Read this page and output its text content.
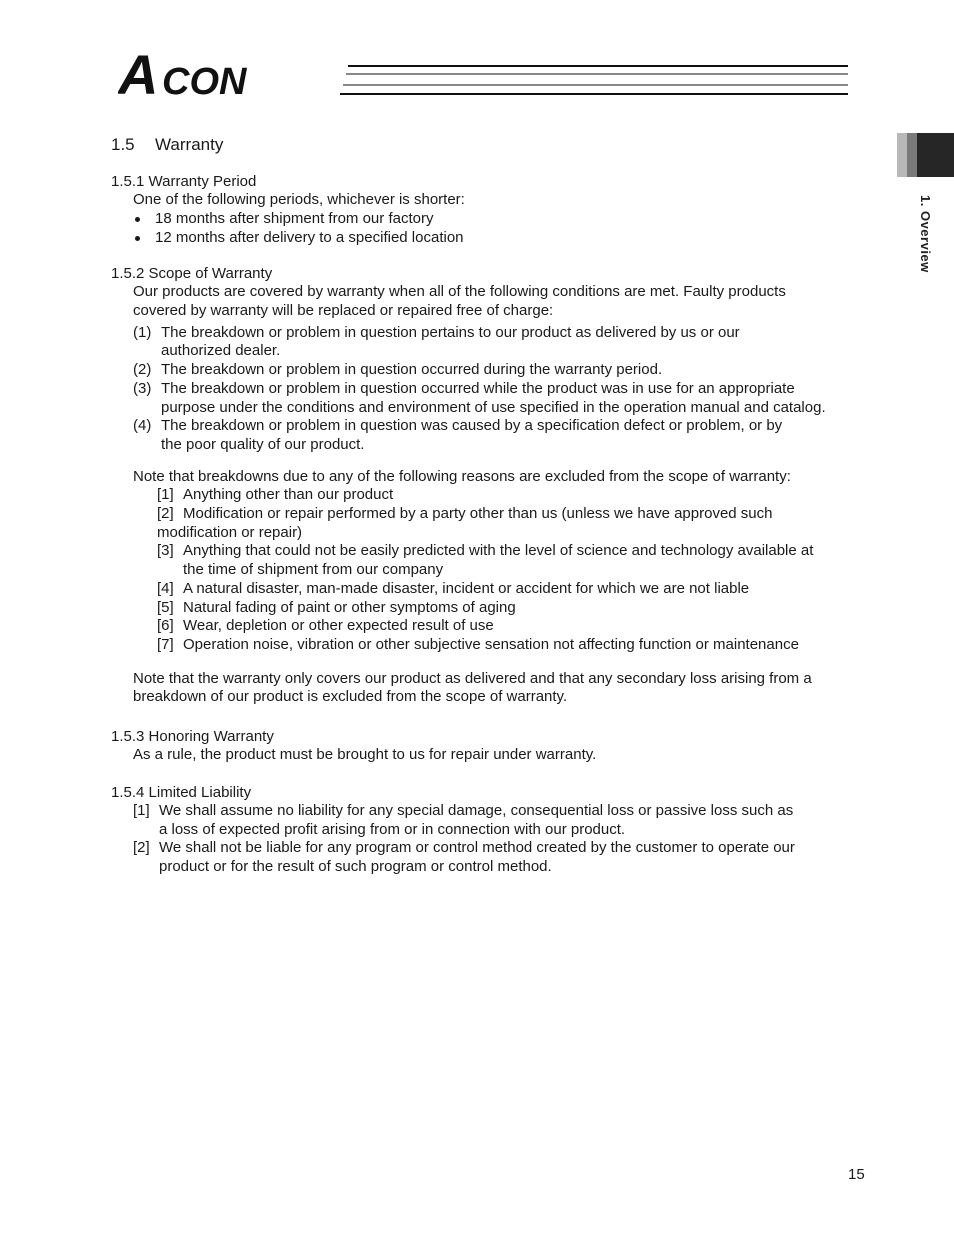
A CON
1. Overview
1.5 Warranty
1.5.1 Warranty Period
One of the following periods, whichever is shorter:
18 months after shipment from our factory
12 months after delivery to a specified location
1.5.2 Scope of Warranty
Our products are covered by warranty when all of the following conditions are met. Faulty products
covered by warranty will be replaced or repaired free of charge:
(1) The breakdown or problem in question pertains to our product as delivered by us or our
authorized dealer.
(2) The breakdown or problem in question occurred during the warranty period.
(3) The breakdown or problem in question occurred while the product was in use for an appropriate
purpose under the conditions and environment of use specified in the operation manual and catalog.
(4) The breakdown or problem in question was caused by a specification defect or problem, or by
the poor quality of our product.
Note that breakdowns due to any of the following reasons are excluded from the scope of warranty:
[1] Anything other than our product
[2] Modification or repair performed by a party other than us (unless we have approved such
modification or repair)
[3] Anything that could not be easily predicted with the level of science and technology available at
the time of shipment from our company
[4] A natural disaster, man-made disaster, incident or accident for which we are not liable
[5] Natural fading of paint or other symptoms of aging
[6] Wear, depletion or other expected result of use
[7] Operation noise, vibration or other subjective sensation not affecting function or maintenance
Note that the warranty only covers our product as delivered and that any secondary loss arising from a
breakdown of our product is excluded from the scope of warranty.
1.5.3 Honoring Warranty
As a rule, the product must be brought to us for repair under warranty.
1.5.4 Limited Liability
[1] We shall assume no liability for any special damage, consequential loss or passive loss such as
a loss of expected profit arising from or in connection with our product.
[2] We shall not be liable for any program or control method created by the customer to operate our
product or for the result of such program or control method.
15
